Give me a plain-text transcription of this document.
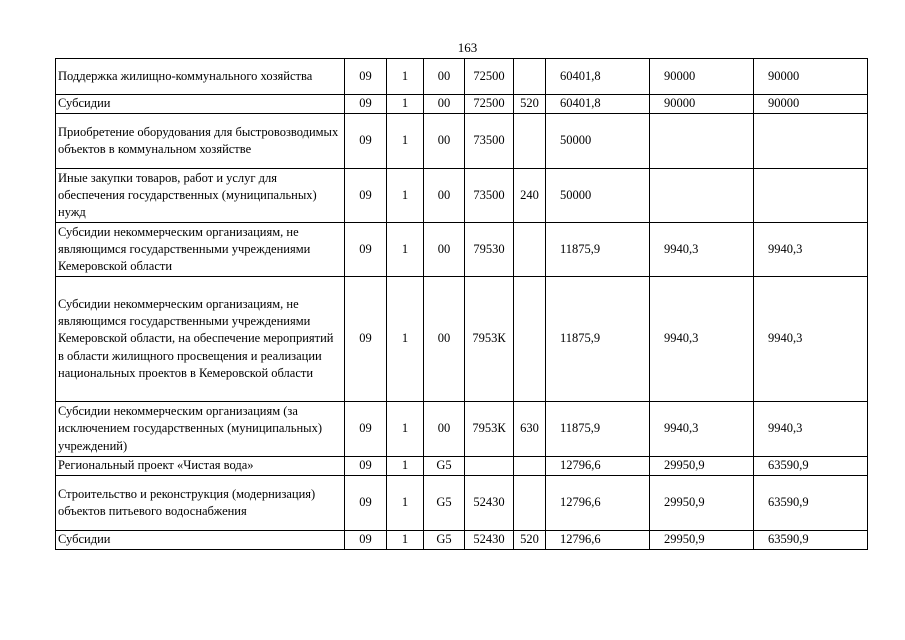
163
Поддержка жилищно-коммунального хозяйства	09	1	00	72500		60401,8	90000	90000
Субсидии	09	1	00	72500	520	60401,8	90000	90000
Приобретение оборудования для быстровозводимых объектов в коммунальном хозяйстве	09	1	00	73500		50000		
Иные закупки товаров, работ и услуг для обеспечения государственных (муниципальных) нужд	09	1	00	73500	240	50000		
Субсидии некоммерческим организациям, не являющимся государственными учреждениями Кемеровской области	09	1	00	79530		11875,9	9940,3	9940,3
Субсидии некоммерческим организациям, не являющимся государственными учреждениями Кемеровской области, на обеспечение мероприятий в области жилищного просвещения и реализации национальных проектов в Кемеровской области	09	1	00	7953К		11875,9	9940,3	9940,3
Субсидии некоммерческим организациям (за исключением государственных (муниципальных) учреждений)	09	1	00	7953К	630	11875,9	9940,3	9940,3
Региональный проект «Чистая вода»	09	1	G5			12796,6	29950,9	63590,9
Строительство и реконструкция (модернизация) объектов питьевого водоснабжения	09	1	G5	52430		12796,6	29950,9	63590,9
Субсидии	09	1	G5	52430	520	12796,6	29950,9	63590,9
